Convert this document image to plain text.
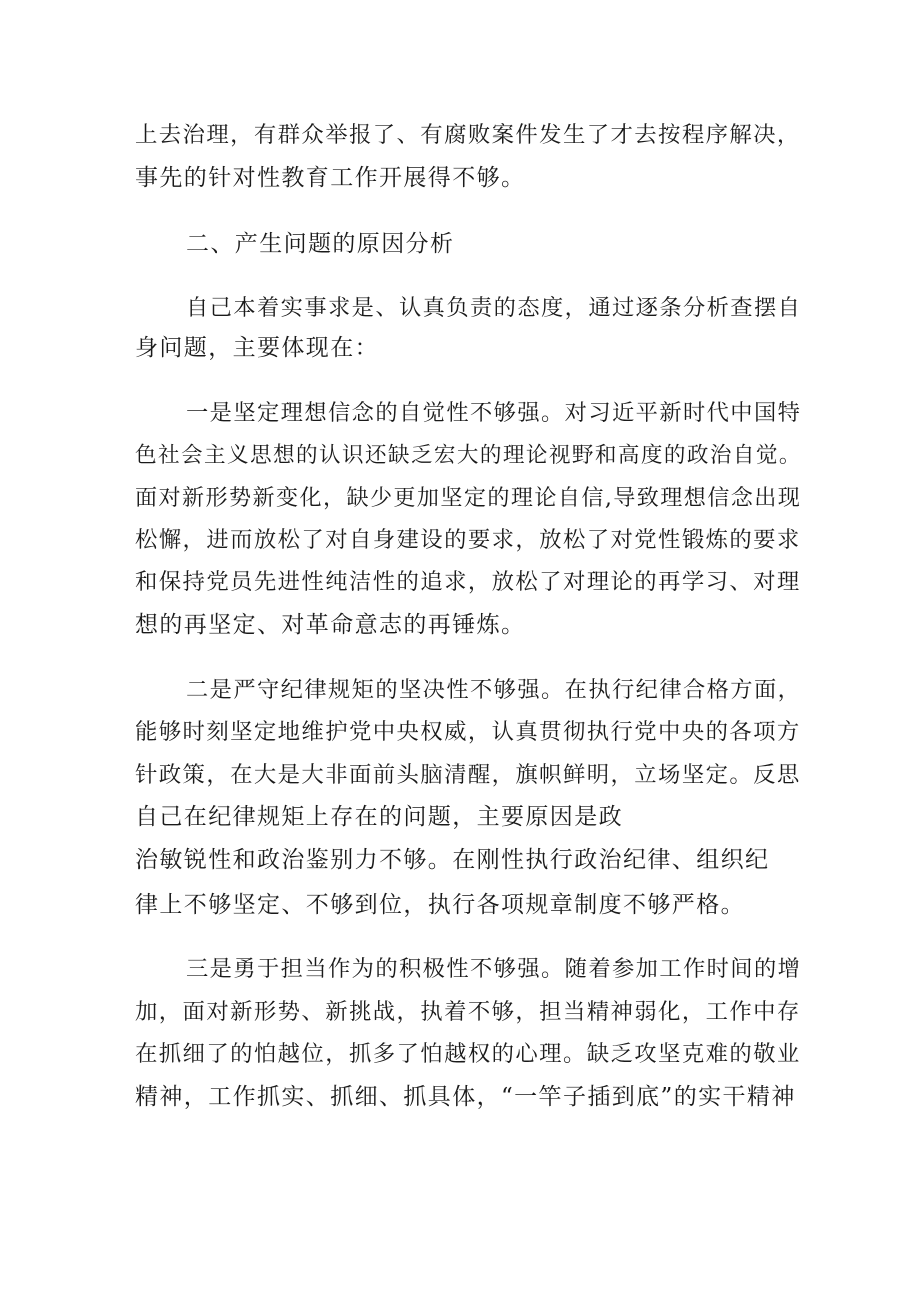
上去治理，有群众举报了、有腐败案件发生了才去按程序解决，
事先的针对性教育工作开展得不够。
二、产生问题的原因分析
自己本着实事求是、认真负责的态度，通过逐条分析查摆自
身问题，主要体现在：
一是坚定理想信念的自觉性不够强。对习近平新时代中国特
色社会主义思想的认识还缺乏宏大的理论视野和高度的政治自觉。
面对新形势新变化，缺少更加坚定的理论自信,导致理想信念出现
松懈，进而放松了对自身建设的要求，放松了对党性锻炼的要求
和保持党员先进性纯洁性的追求，放松了对理论的再学习、对理
想的再坚定、对革命意志的再锤炼。
二是严守纪律规矩的坚决性不够强。在执行纪律合格方面，
能够时刻坚定地维护党中央权威，认真贯彻执行党中央的各项方
针政策，在大是大非面前头脑清醒，旗帜鲜明，立场坚定。反思
自己在纪律规矩上存在的问题，主要原因是政
治敏锐性和政治鉴别力不够。在刚性执行政治纪律、组织纪
律上不够坚定、不够到位，执行各项规章制度不够严格。
三是勇于担当作为的积极性不够强。随着参加工作时间的增
加，面对新形势、新挑战，执着不够，担当精神弱化，工作中存
在抓细了的怕越位，抓多了怕越权的心理。缺乏攻坚克难的敬业
精神，工作抓实、抓细、抓具体，“一竿子插到底”的实干精神
